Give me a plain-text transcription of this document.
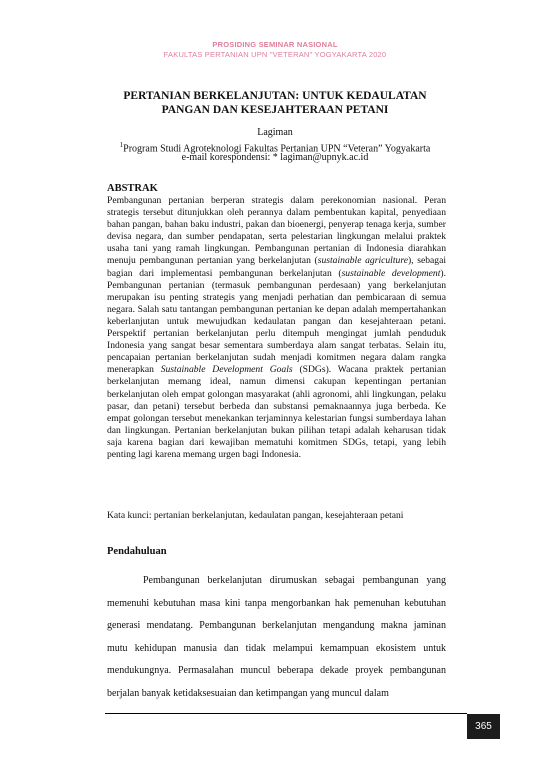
PROSIDING SEMINAR NASIONAL
FAKULTAS PERTANIAN UPN "VETERAN" YOGYAKARTA 2020
PERTANIAN BERKELANJUTAN: UNTUK KEDAULATAN
PANGAN DAN KESEJAHTERAAN PETANI
Lagiman
$^1$Program Studi Agroteknologi Fakultas Pertanian UPN “Veteran” Yogyakarta
e-mail korespondensi: * lagiman@upnyk.ac.id
ABSTRAK
Pembangunan pertanian berperan strategis dalam perekonomian nasional. Peran strategis tersebut ditunjukkan oleh perannya dalam pembentukan kapital, penyediaan bahan pangan, bahan baku industri, pakan dan bioenergi, penyerap tenaga kerja, sumber devisa negara, dan sumber pendapatan, serta pelestarian lingkungan melalui praktek usaha tani yang ramah lingkungan. Pembangunan pertanian di Indonesia diarahkan menuju pembangunan pertanian yang berkelanjutan (sustainable agriculture), sebagai bagian dari implementasi pembangunan berkelanjutan (sustainable development). Pembangunan pertanian (termasuk pembangunan perdesaan) yang berkelanjutan merupakan isu penting strategis yang menjadi perhatian dan pembicaraan di semua negara. Salah satu tantangan pembangunan pertanian ke depan adalah mempertahankan keberlanjutan untuk mewujudkan kedaulatan pangan dan kesejahteraan petani. Perspektif pertanian berkelanjutan perlu ditempuh mengingat jumlah penduduk Indonesia yang sangat besar sementara sumberdaya alam sangat terbatas. Selain itu, pencapaian pertanian berkelanjutan sudah menjadi komitmen negara dalam rangka menerapkan Sustainable Development Goals (SDGs). Wacana praktek pertanian berkelanjutan memang ideal, namun dimensi cakupan kepentingan pertanian berkelanjutan oleh empat golongan masyarakat (ahli agronomi, ahli lingkungan, pelaku pasar, dan petani) tersebut berbeda dan substansi pemaknaannya juga berbeda. Ke empat golongan tersebut menekankan terjaminnya kelestarian fungsi sumberdaya lahan dan lingkungan. Pertanian berkelanjutan bukan pilihan tetapi adalah keharusan tidak saja karena bagian dari kewajiban mematuhi komitmen SDGs, tetapi, yang lebih penting lagi karena memang urgen bagi Indonesia.
Kata kunci: pertanian berkelanjutan, kedaulatan pangan, kesejahteraan petani
Pendahuluan
Pembangunan berkelanjutan dirumuskan sebagai pembangunan yang memenuhi kebutuhan masa kini tanpa mengorbankan hak pemenuhan kebutuhan generasi mendatang. Pembangunan berkelanjutan mengandung makna jaminan mutu kehidupan manusia dan tidak melampui kemampuan ekosistem untuk mendukungnya. Permasalahan muncul beberapa dekade proyek pembangunan berjalan banyak ketidaksesuaian dan ketimpangan yang muncul dalam
365
